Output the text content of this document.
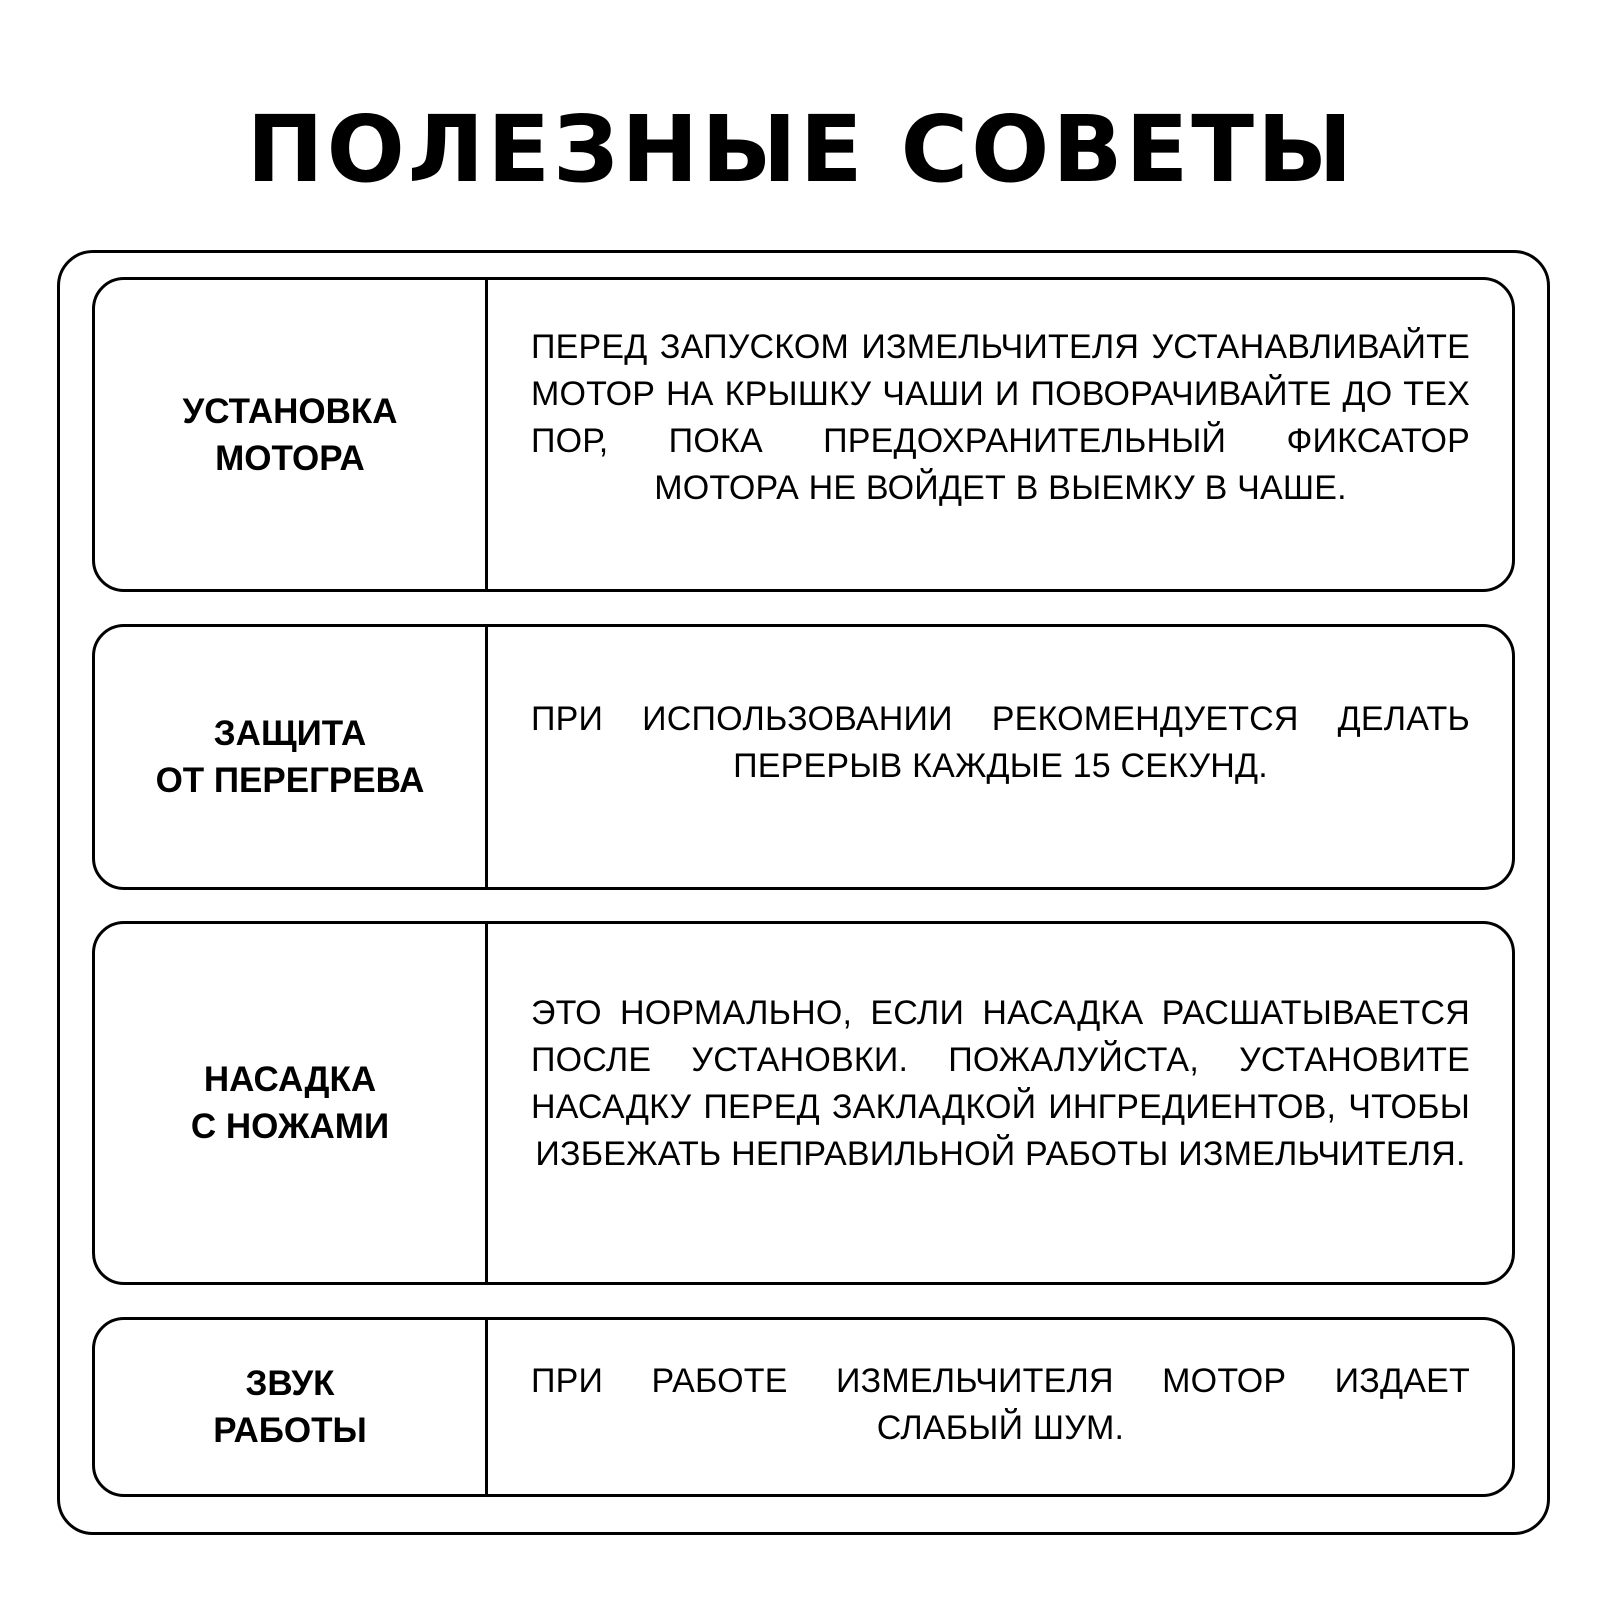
ПОЛЕЗНЫЕ СОВЕТЫ
УСТАНОВКА
МОТОРА

ПЕРЕД ЗАПУСКОМ ИЗМЕЛЬЧИТЕЛЯ УСТАНАВЛИВАЙТЕ МОТОР НА КРЫШКУ ЧАШИ И ПОВОРАЧИВАЙТЕ ДО ТЕХ ПОР, ПОКА ПРЕДОХРАНИТЕЛЬНЫЙ ФИКСАТОР МОТОРА НЕ ВОЙДЕТ В ВЫЕМКУ В ЧАШЕ.

ЗАЩИТА
ОТ ПЕРЕГРЕВА

ПРИ ИСПОЛЬЗОВАНИИ РЕКОМЕНДУЕТСЯ ДЕЛАТЬ ПЕРЕРЫВ КАЖДЫЕ 15 СЕКУНД.

НАСАДКА
С НОЖАМИ

ЭТО НОРМАЛЬНО, ЕСЛИ НАСАДКА РАСШАТЫВАЕТСЯ ПОСЛЕ УСТАНОВКИ. ПОЖАЛУЙСТА, УСТАНОВИТЕ НАСАДКУ ПЕРЕД ЗАКЛАДКОЙ ИНГРЕДИЕНТОВ, ЧТОБЫ ИЗБЕЖАТЬ НЕПРАВИЛЬНОЙ РАБОТЫ ИЗМЕЛЬЧИТЕЛЯ.

ЗВУК
РАБОТЫ

ПРИ РАБОТЕ ИЗМЕЛЬЧИТЕЛЯ МОТОР ИЗДАЕТ СЛАБЫЙ ШУМ.
